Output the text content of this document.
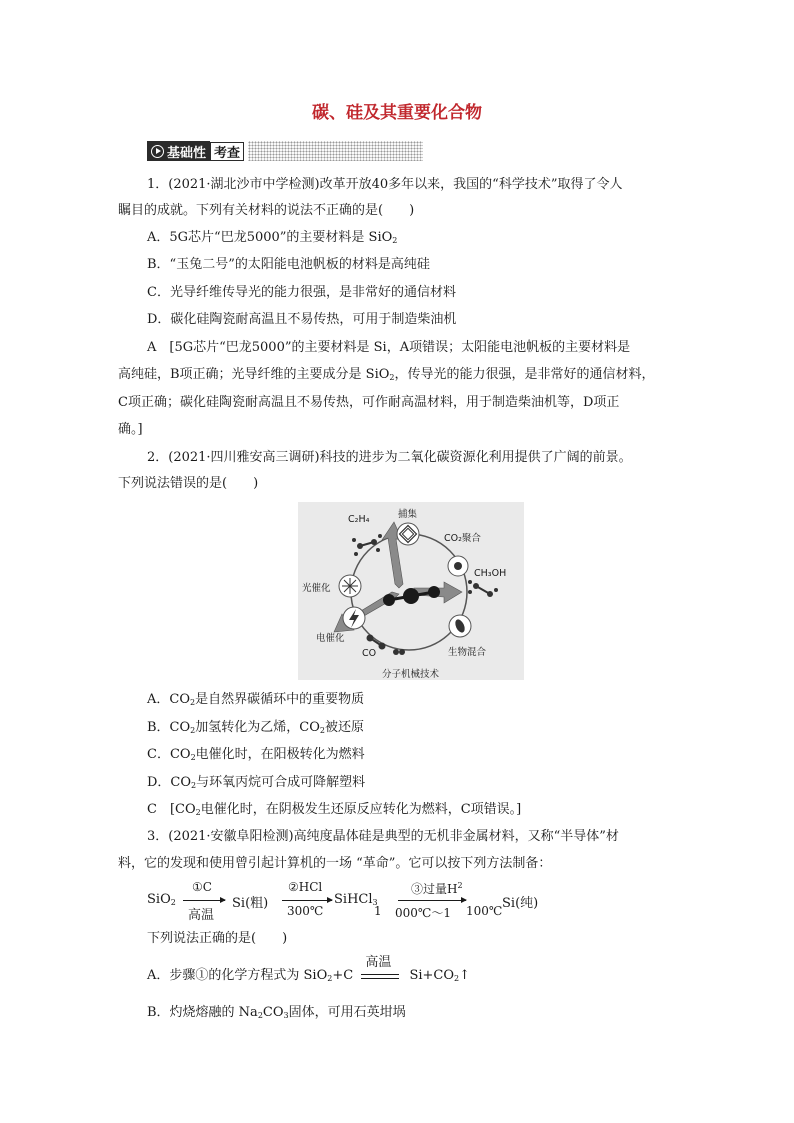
碳、硅及其重要化合物
基础性 考查
1．(2021·湖北沙市中学检测)改革开放40多年以来，我国的“科学技术”取得了令人
瞩目的成就。下列有关材料的说法不正确的是(　　)
A．5G芯片“巴龙5000”的主要材料是 SiO$_2$
B．“玉兔二号”的太阳能电池帆板的材料是高纯硅
C．光导纤维传导光的能力很强，是非常好的通信材料
D．碳化硅陶瓷耐高温且不易传热，可用于制造柴油机
A　[5G芯片“巴龙5000”的主要材料是 Si，A项错误；太阳能电池帆板的主要材料是
高纯硅，B项正确；光导纤维的主要成分是 SiO$_2$，传导光的能力很强，是非常好的通信材料，
C项正确；碳化硅陶瓷耐高温且不易传热，可作耐高温材料，用于制造柴油机等，D项正
确。]
2．(2021·四川雅安高三调研)科技的进步为二氧化碳资源化利用提供了广阔的前景。
下列说法错误的是(　　)
捕集
C₂H₄
CO₂聚合
CH₃OH
光催化
电催化
CO	生物混合
分子机械技术
A．$CO_2$是自然界碳循环中的重要物质
B．$CO_2$加氢转化为乙烯，$CO_2$被还原
C．$CO_2$电催化时，在阳极转化为燃料
D．$CO_2$与环氧丙烷可合成可降解塑料
C　[$CO_2$电催化时，在阴极发生还原反应转化为燃料，C项错误。]
3．(2021·安徽阜阳检测)高纯度晶体硅是典型的无机非金属材料，又称“半导体”材
料，它的发现和使用曾引起计算机的一场 “革命”。它可以按下列方法制备：
SiO$_2$
①C
高温
Si(粗)
②HCl
300℃
SiHCl$_3$
1
③过量$H^2$
000℃～1 100℃ Si(纯)
下列说法正确的是(　　)
A．步骤①的化学方程式为 SiO$_2$+C
高温
$Si+CO_2↑$
B．灼烧熔融的 $Na_2CO_3$固体，可用石英坩埚
